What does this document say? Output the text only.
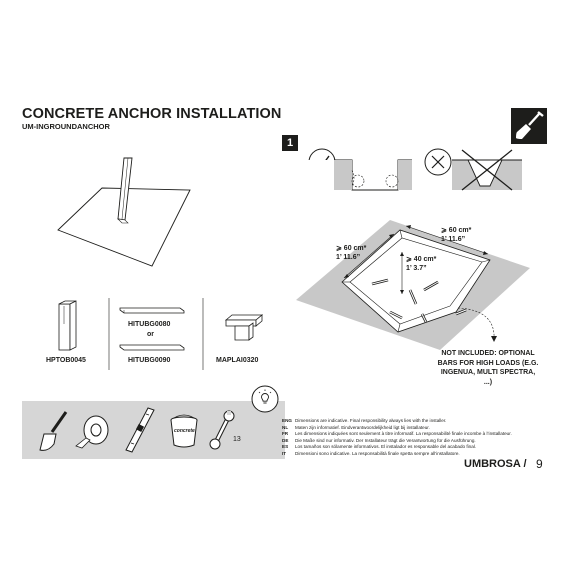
CONCRETE ANCHOR INSTALLATION
UM-INGROUNDANCHOR
HPTOB0045
HITUBG0080
or
HITUBG0090	MAPLAI0320
concrete
13
1
⩾ 60 cm*
1’ 11.6”
⩾ 60 cm*
1’ 11.6”	⩾ 40 cm*
1’ 3.7”
NOT INCLUDED: OPTIONAL BARS FOR HIGH LOADS (E.G. INGENUA, MULTI SPECTRA, ...)
ENG Dimensions are indicative. Final responsibility always lies with the installer.
NL Maten zijn informatief. Eindverantwoordelijkheid ligt bij installateur.
FR Les dimensions indiquées sont seulement à titre informatif. La responsabilité finale incombe à l’installateur.
DE Die Maße sind nur informativ. Der Installateur trägt die Verantwortung für die Ausführung.
ES Los tamaños son sólamente informativos. El instalador es responsable del acabado final.
IT Dimensioni sono indicative. La responsabilità finale spetta sempre all’installatore.
UMBROSA / 9
